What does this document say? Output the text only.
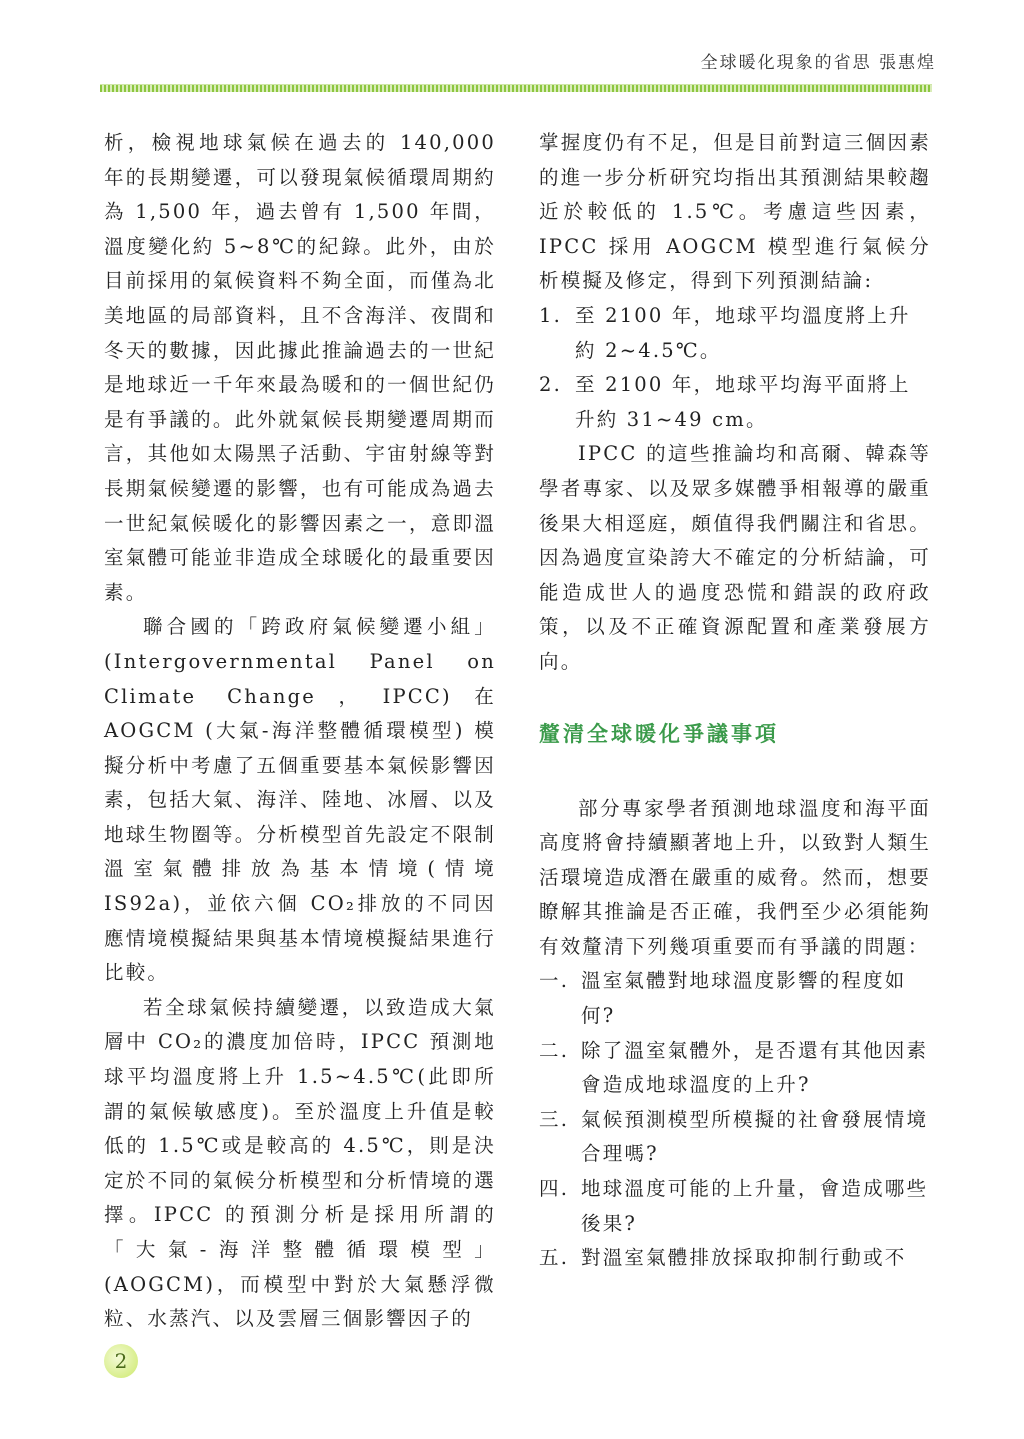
全球暖化現象的省思 張惠煌

析，檢視地球氣候在過去的 140,000 年的長期變遷，可以發現氣候循環周期約為 1,500 年，過去曾有 1,500 年間，溫度變化約 5~8℃的紀錄。此外，由於目前採用的氣候資料不夠全面，而僅為北美地區的局部資料，且不含海洋、夜間和冬天的數據，因此據此推論過去的一世紀是地球近一千年來最為暖和的一個世紀仍是有爭議的。此外就氣候長期變遷周期而言，其他如太陽黑子活動、宇宙射線等對長期氣候變遷的影響，也有可能成為過去一世紀氣候暖化的影響因素之一，意即溫室氣體可能並非造成全球暖化的最重要因素。

聯合國的「跨政府氣候變遷小組」(Intergovernmental Panel on Climate Change，IPCC)在 AOGCM (大氣-海洋整體循環模型) 模擬分析中考慮了五個重要基本氣候影響因素，包括大氣、海洋、陸地、冰層、以及地球生物圈等。分析模型首先設定不限制溫室氣體排放為基本情境(情境 IS92a)，並依六個 CO₂排放的不同因應情境模擬結果與基本情境模擬結果進行比較。

若全球氣候持續變遷，以致造成大氣層中 CO₂的濃度加倍時，IPCC 預測地球平均溫度將上升 1.5~4.5℃(此即所謂的氣候敏感度)。至於溫度上升值是較低的 1.5℃或是較高的 4.5℃，則是決定於不同的氣候分析模型和分析情境的選擇。IPCC 的預測分析是採用所謂的「大氣-海洋整體循環模型」(AOGCM)，而模型中對於大氣懸浮微粒、水蒸汽、以及雲層三個影響因子的

掌握度仍有不足，但是目前對這三個因素的進一步分析研究均指出其預測結果較趨近於較低的 1.5℃。考慮這些因素，IPCC 採用 AOGCM 模型進行氣候分析模擬及修定，得到下列預測結論:

1. 至 2100 年，地球平均溫度將上升約 2~4.5℃。
2. 至 2100 年，地球平均海平面將上升約 31~49 cm。

IPCC 的這些推論均和高爾、韓森等學者專家、以及眾多媒體爭相報導的嚴重後果大相逕庭，頗值得我們關注和省思。因為過度宣染誇大不確定的分析結論，可能造成世人的過度恐慌和錯誤的政府政策，以及不正確資源配置和產業發展方向。

釐清全球暖化爭議事項

部分專家學者預測地球溫度和海平面高度將會持續顯著地上升，以致對人類生活環境造成潛在嚴重的威脅。然而，想要瞭解其推論是否正確，我們至少必須能夠有效釐清下列幾項重要而有爭議的問題：

一. 溫室氣體對地球溫度影響的程度如何?
二. 除了溫室氣體外，是否還有其他因素會造成地球溫度的上升?
三. 氣候預測模型所模擬的社會發展情境合理嗎?
四. 地球溫度可能的上升量，會造成哪些後果?
五. 對溫室氣體排放採取抑制行動或不
2
